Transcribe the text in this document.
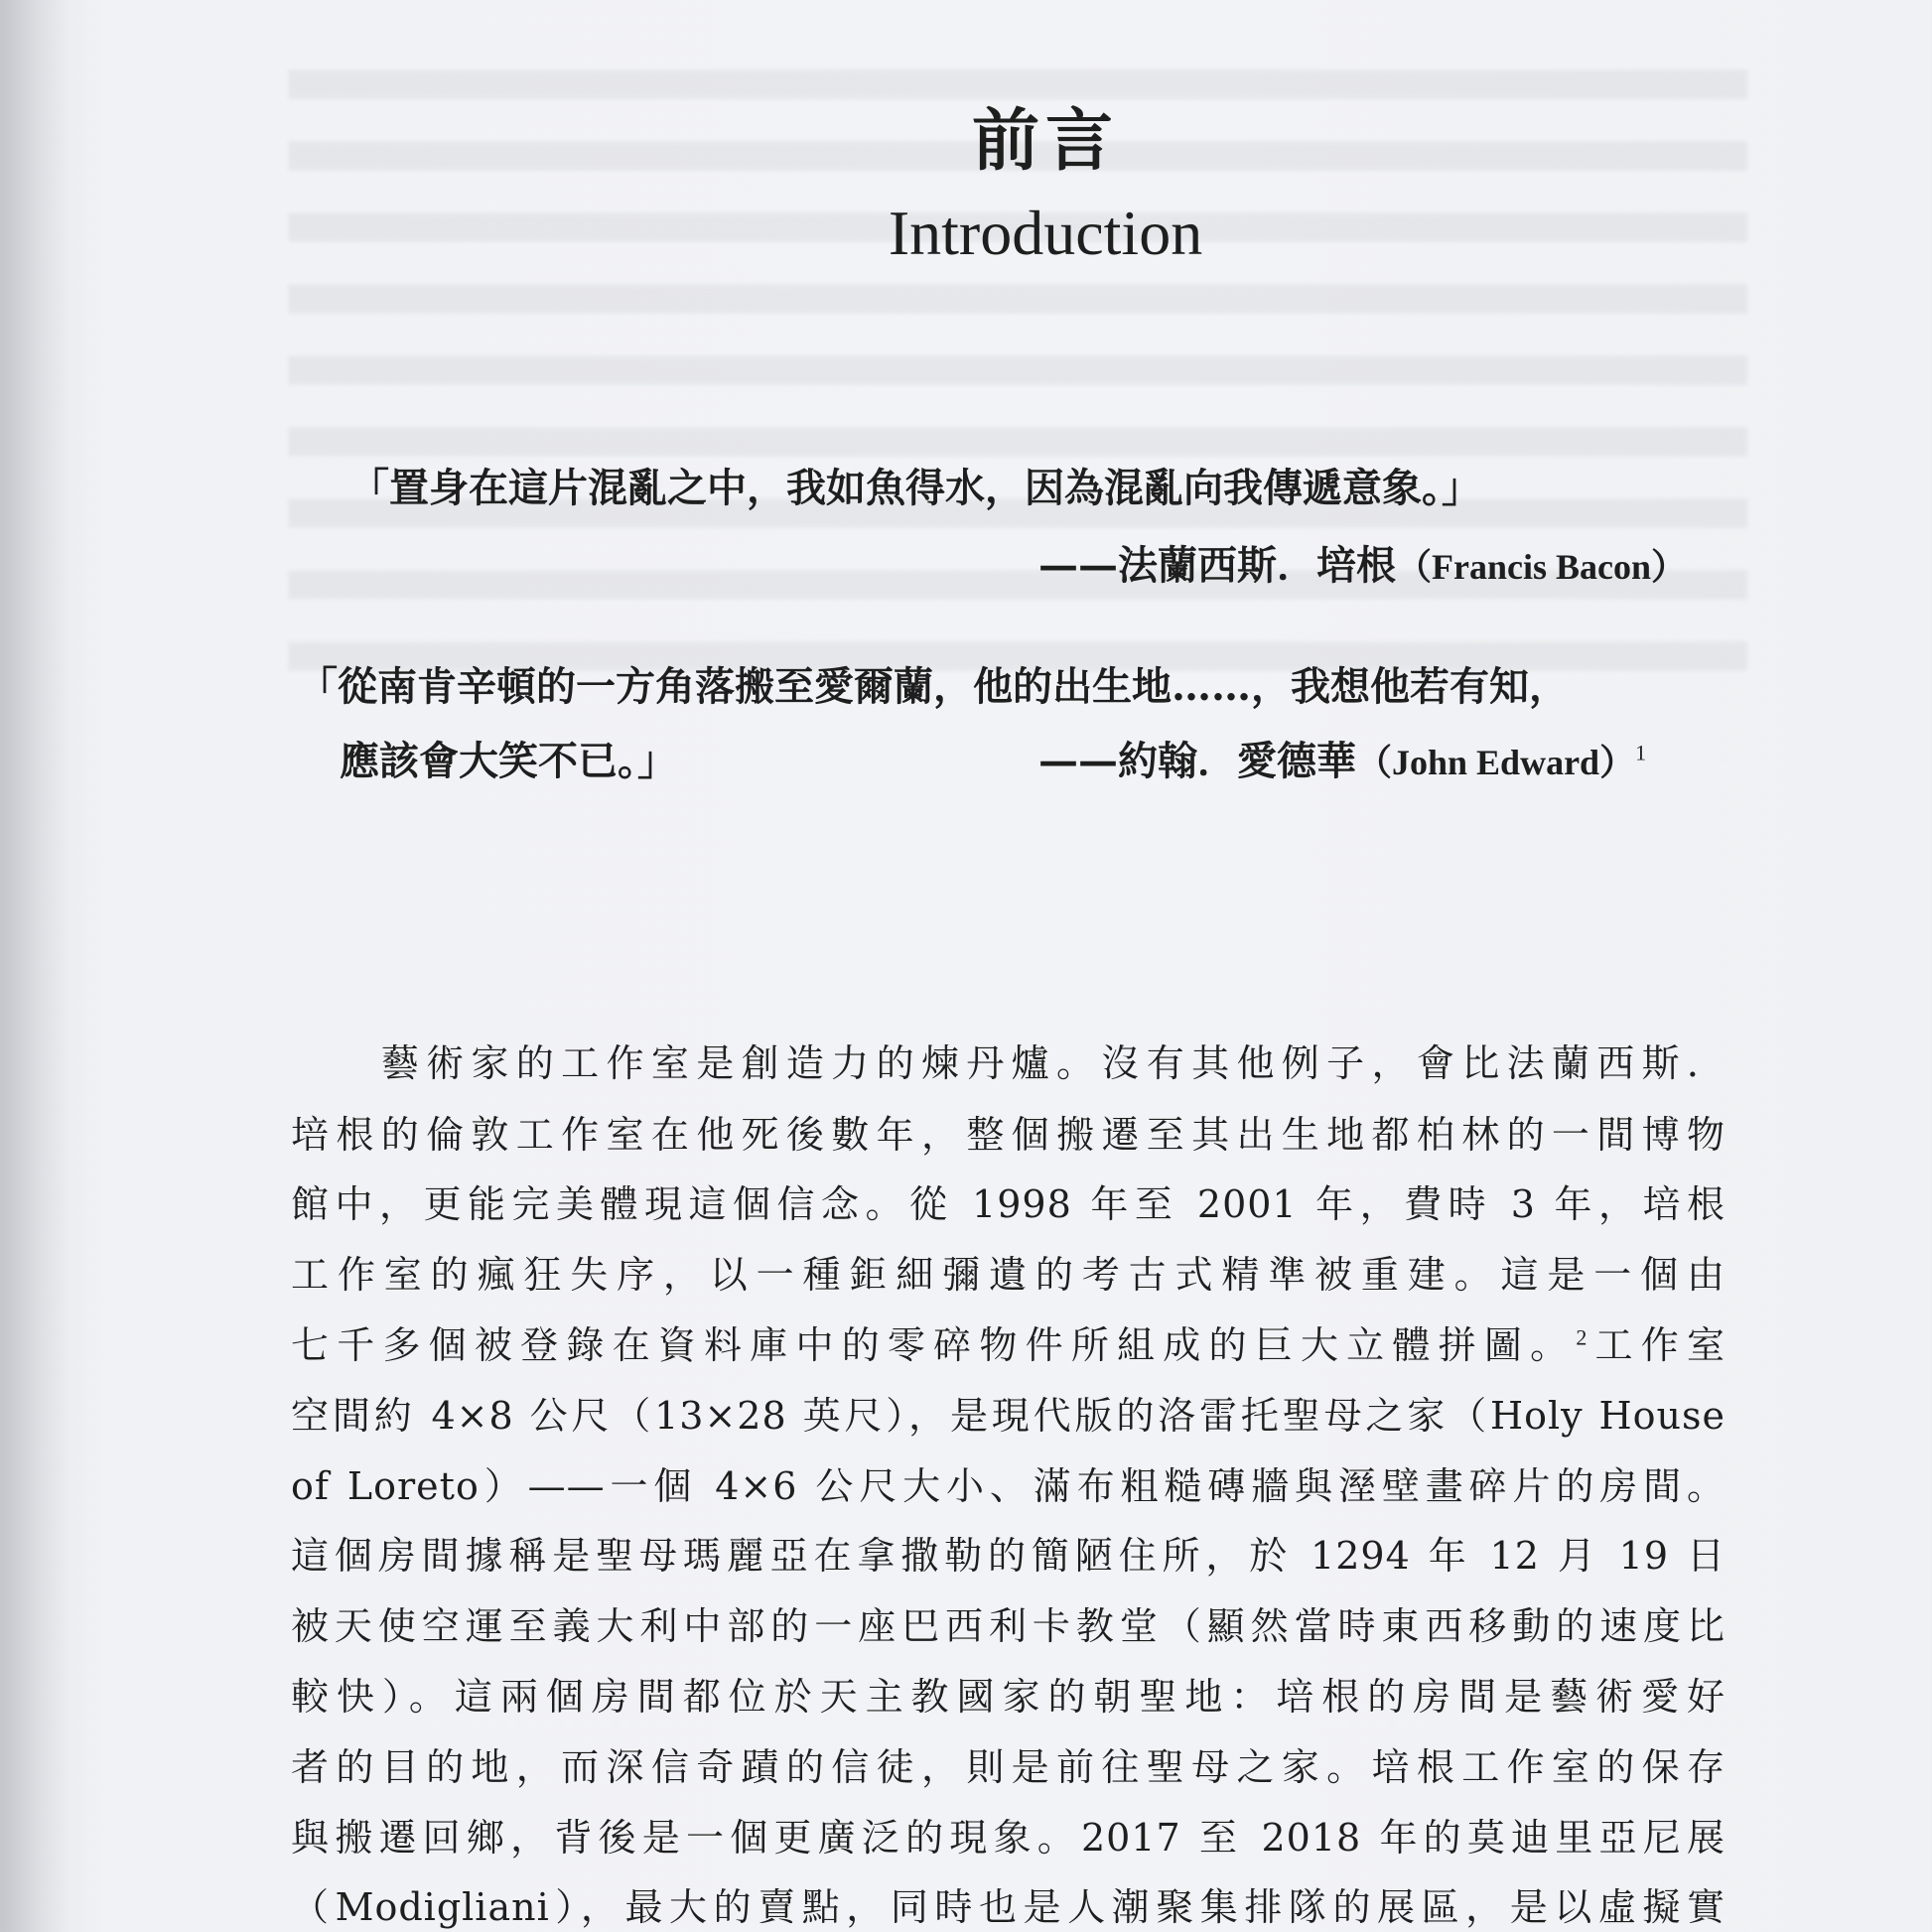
前言
Introduction
「置身在這片混亂之中，我如魚得水，因為混亂向我傳遞意象。」
——法蘭西斯．培根（Francis Bacon）
「從南肯辛頓的一方角落搬至愛爾蘭，他的出生地……，我想他若有知，
應該會大笑不已。」	——約翰．愛德華（John Edward）$^1$
　　藝術家的工作室是創造力的煉丹爐。沒有其他例子，會比法蘭西斯．
培根的倫敦工作室在他死後數年，整個搬遷至其出生地都柏林的一間博物
館中，更能完美體現這個信念。從 1998 年至 2001 年，費時 3 年，培根
工作室的瘋狂失序，以一種鉅細彌遺的考古式精準被重建。這是一個由
七千多個被登錄在資料庫中的零碎物件所組成的巨大立體拼圖。$^2$工作室
空間約 4×8 公尺（13×28 英尺），是現代版的洛雷托聖母之家（Holy House
of Loreto）——一個 4×6 公尺大小、滿布粗糙磚牆與溼壁畫碎片的房間。
這個房間據稱是聖母瑪麗亞在拿撒勒的簡陋住所，於 1294 年 12 月 19 日
被天使空運至義大利中部的一座巴西利卡教堂（顯然當時東西移動的速度比
較快）。這兩個房間都位於天主教國家的朝聖地：培根的房間是藝術愛好
者的目的地，而深信奇蹟的信徒，則是前往聖母之家。培根工作室的保存
與搬遷回鄉，背後是一個更廣泛的現象。2017 至 2018 年的莫迪里亞尼展
（Modigliani），最大的賣點，同時也是人潮聚集排隊的展區，是以虛擬實
